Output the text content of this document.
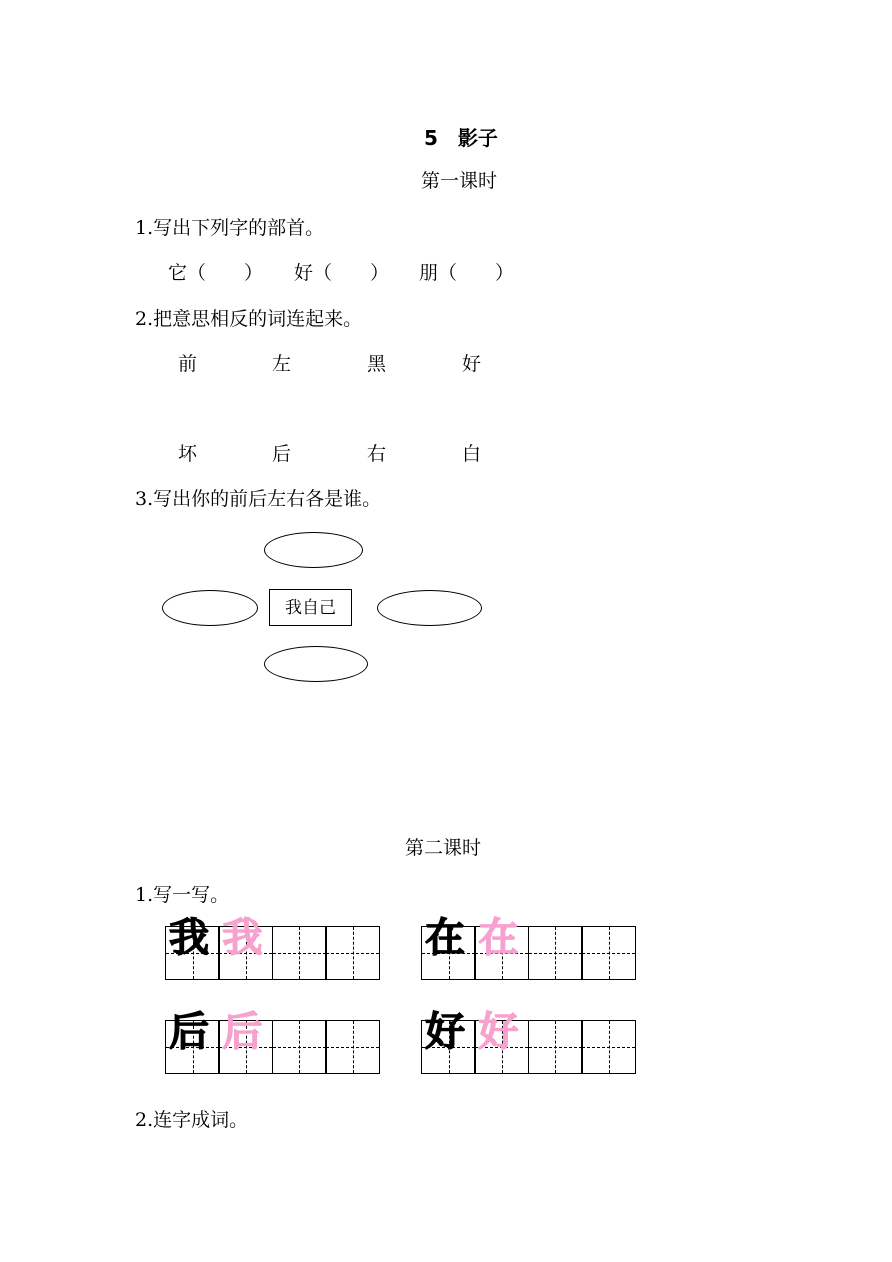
5　影子
第一课时
1.写出下列字的部首。
它（　　） 好（　　） 朋（　　）
2.把意思相反的词连起来。
前	左	黑	好
坏	后	右	白
3.写出你的前后左右各是谁。
我自己
第二课时
1.写一写。
我 我	在 在
后 后	好 好
2.连字成词。
